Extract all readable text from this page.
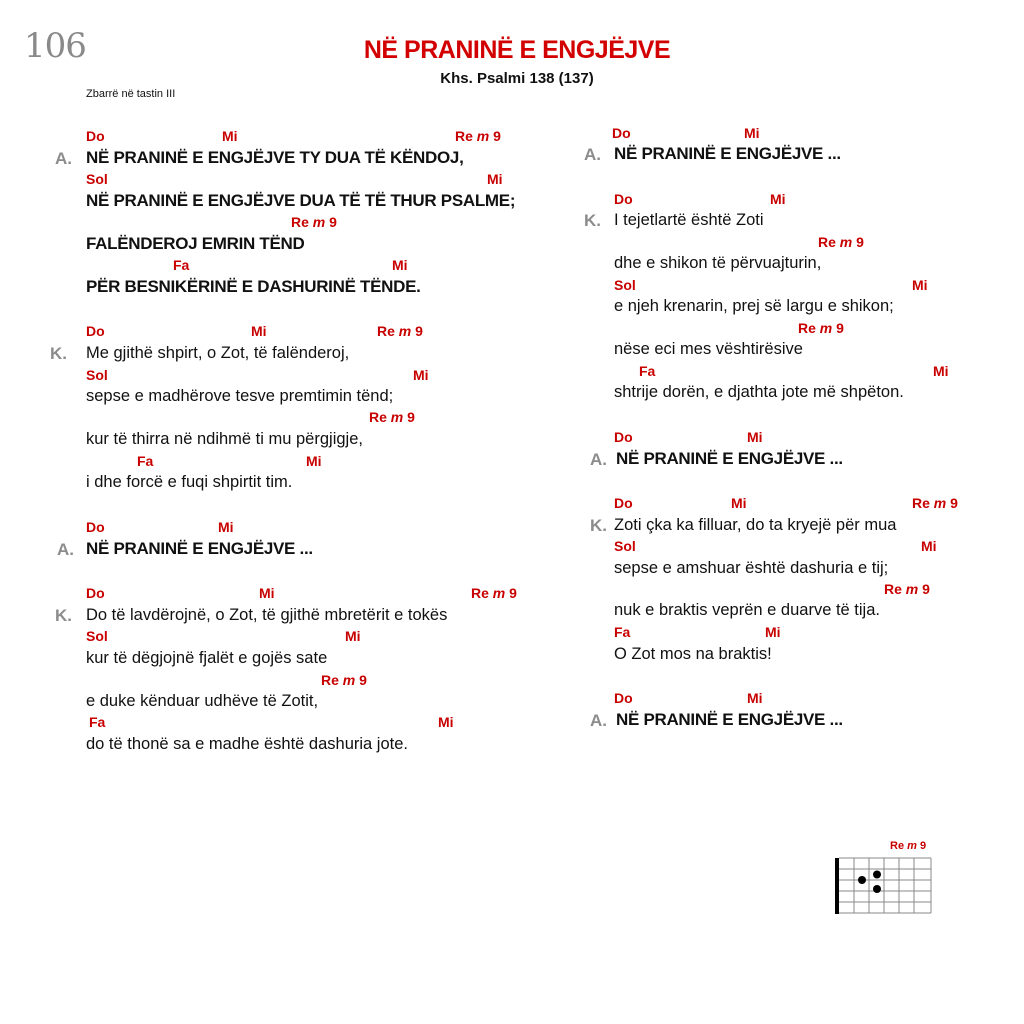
106	NË PRANINË E ENGJËJVE
Khs. Psalmi 138 (137)
Zbarrë në tastin III
Do	Mi	Re m 9
A. NË PRANINË E ENGJËJVE TY DUA TË KËNDOJ,
Sol	Mi
NË PRANINË E ENGJËJVE DUA TË TË THUR PSALME;
Re m 9
FALËNDEROJ EMRIN TËND
Fa	Mi
PËR BESNIKËRINË E DASHURINË TËNDE.
Do	Mi	Re m 9
K. Me gjithë shpirt, o Zot, të falënderoj,
Sol	Mi
sepse e madhërove tesve premtimin tënd;
Re m 9
kur të thirra në ndihmë ti mu përgjigje,
Fa	Mi
i dhe forcë e fuqi shpirtit tim.
Do	Mi
A. NË PRANINË E ENGJËJVE ...
Do	Mi	Re m 9
K. Do të lavdërojnë, o Zot, të gjithë mbretërit e tokës
Sol	Mi
kur të dëgjojnë fjalët e gojës sate
Re m 9
e duke kënduar udhëve të Zotit,
Fa	Mi
do të thonë sa e madhe është dashuria jote.
Do	Mi
A. NË PRANINË E ENGJËJVE ...
Do	Mi
K. I tejetlartë është Zoti
Re m 9
dhe e shikon të përvuajturin,
Sol	Mi
e njeh krenarin, prej së largu e shikon;
Re m 9
nëse eci mes vështirësive
Fa	Mi
shtrije dorën, e djathta jote më shpëton.
Do	Mi
A. NË PRANINË E ENGJËJVE ...
Do	Mi	Re m 9
K. Zoti çka ka filluar, do ta kryejë për mua
Sol	Mi
sepse e amshuar është dashuria e tij;
Re m 9
nuk e braktis veprën e duarve të tija.
Fa	Mi
O Zot mos na braktis!
Do	Mi
A. NË PRANINË E ENGJËJVE ...
Re m 9
